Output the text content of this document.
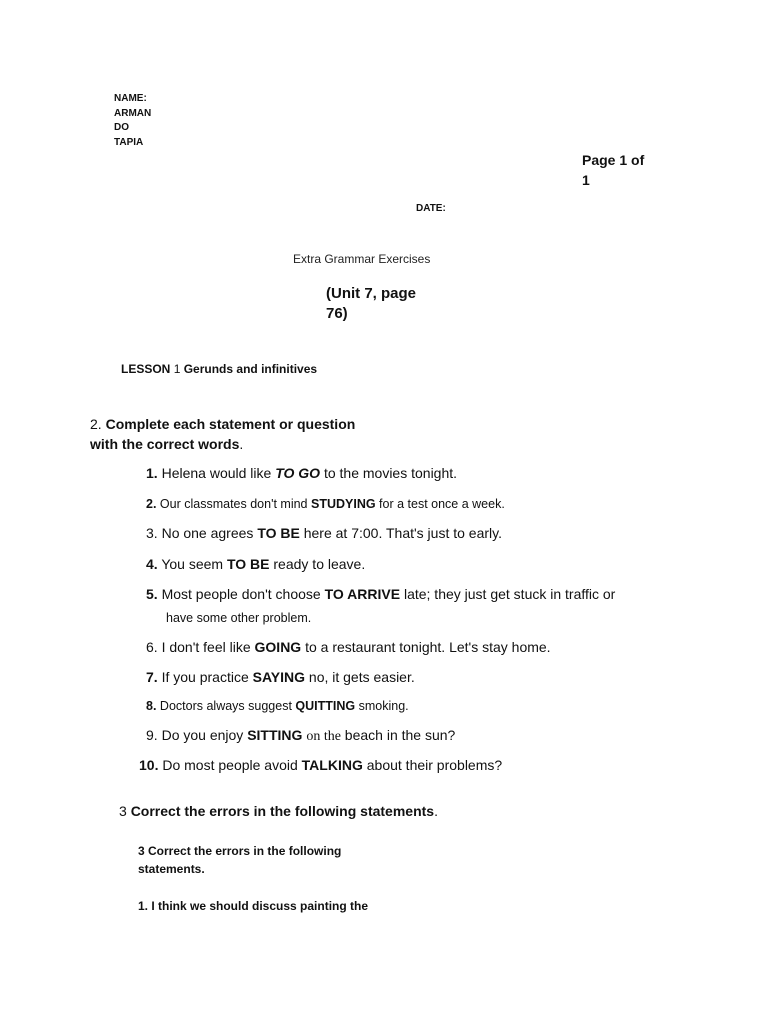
NAME:
ARMAN
DO
TAPIA
Page 1 of
1
DATE:
Extra Grammar Exercises
(Unit 7, page
76)
LESSON 1 Gerunds and infinitives
2. Complete each statement or question
with the correct words.
1. Helena would like TO GO to the movies tonight.
2. Our classmates don't mind STUDYING for a test once a week.
3. No one agrees TO BE here at 7:00. That's just to early.
4. You seem TO BE ready to leave.
5. Most people don't choose TO ARRIVE late; they just get stuck in traffic or
have some other problem.
6. I don't feel like GOING to a restaurant tonight. Let's stay home.
7. If you practice SAYING no, it gets easier.
8. Doctors always suggest QUITTING smoking.
9. Do you enjoy SITTING on the beach in the sun?
10. Do most people avoid TALKING about their problems?
3 Correct the errors in the following statements.
3 Correct the errors in the following
statements.
1. I think we should discuss painting the
